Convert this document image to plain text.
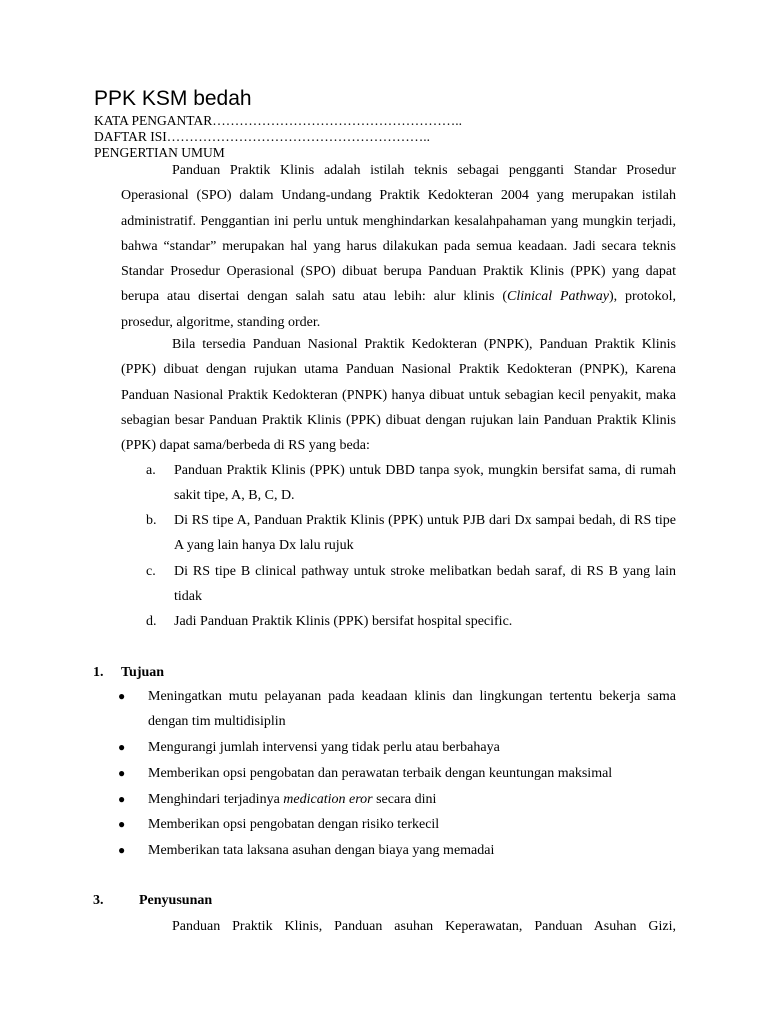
PPK KSM bedah
KATA PENGANTAR………………………………………………..
DAFTAR ISI…………………………………………………..
PENGERTIAN UMUM
Panduan Praktik Klinis adalah istilah teknis sebagai pengganti Standar Prosedur Operasional (SPO) dalam Undang-undang Praktik Kedokteran 2004 yang merupakan istilah administratif. Penggantian ini perlu untuk menghindarkan kesalahpahaman yang mungkin terjadi, bahwa “standar” merupakan hal yang harus dilakukan pada semua keadaan. Jadi secara teknis Standar Prosedur Operasional (SPO) dibuat berupa Panduan Praktik Klinis (PPK) yang dapat berupa atau disertai dengan salah satu atau lebih: alur klinis (Clinical Pathway), protokol, prosedur, algoritme, standing order.
Bila tersedia Panduan Nasional Praktik Kedokteran (PNPK), Panduan Praktik Klinis (PPK) dibuat dengan rujukan utama Panduan Nasional Praktik Kedokteran (PNPK), Karena Panduan Nasional Praktik Kedokteran (PNPK) hanya dibuat untuk sebagian kecil penyakit, maka sebagian besar Panduan Praktik Klinis (PPK) dibuat dengan rujukan lain Panduan Praktik Klinis (PPK) dapat sama/berbeda di RS yang beda:
a. Panduan Praktik Klinis (PPK) untuk DBD tanpa syok, mungkin bersifat sama, di rumah sakit tipe, A, B, C, D.
b. Di RS tipe A, Panduan Praktik Klinis (PPK) untuk PJB dari Dx sampai bedah, di RS tipe A yang lain hanya Dx lalu rujuk
c. Di RS tipe B clinical pathway untuk stroke melibatkan bedah saraf, di RS B yang lain tidak
d. Jadi Panduan Praktik Klinis (PPK) bersifat hospital specific.
1. Tujuan
● Meningatkan mutu pelayanan pada keadaan klinis dan lingkungan tertentu bekerja sama dengan tim multidisiplin
● Mengurangi jumlah intervensi yang tidak perlu atau berbahaya
● Memberikan opsi pengobatan dan perawatan terbaik dengan keuntungan maksimal
● Menghindari terjadinya medication eror secara dini
● Memberikan opsi pengobatan dengan risiko terkecil
● Memberikan tata laksana asuhan dengan biaya yang memadai
3.	Penyusunan
Panduan Praktik Klinis, Panduan asuhan Keperawatan, Panduan Asuhan Gizi,
